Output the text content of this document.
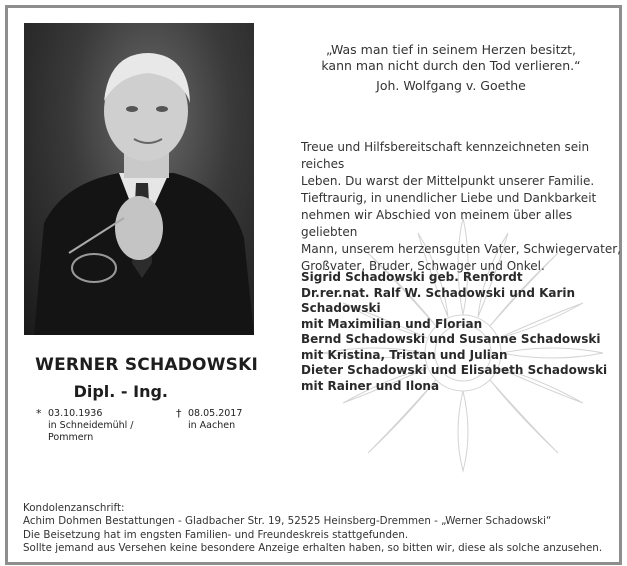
WERNER SCHADOWSKI
Dipl. - Ing.
* 03.10.1936
in Schneidemühl /
Pommern
† 08.05.2017
in Aachen
„Was man tief in seinem Herzen besitzt,
kann man nicht durch den Tod verlieren.“
Joh. Wolfgang v. Goethe
Treue und Hilfsbereitschaft kennzeichneten sein reiches
Leben. Du warst der Mittelpunkt unserer Familie.
Tieftraurig, in unendlicher Liebe und Dankbarkeit
nehmen wir Abschied von meinem über alles geliebten
Mann, unserem herzensguten Vater, Schwiegervater,
Großvater, Bruder, Schwager und Onkel.
Sigrid Schadowski geb. Renfordt
Dr.rer.nat. Ralf W. Schadowski und Karin Schadowski
mit Maximilian und Florian
Bernd Schadowski und Susanne Schadowski
mit Kristina, Tristan und Julian
Dieter Schadowski und Elisabeth Schadowski
mit Rainer und Ilona
Kondolenzanschrift:
Achim Dohmen Bestattungen - Gladbacher Str. 19, 52525 Heinsberg-Dremmen - „Werner Schadowski“
Die Beisetzung hat im engsten Familien- und Freundeskreis stattgefunden.
Sollte jemand aus Versehen keine besondere Anzeige erhalten haben, so bitten wir, diese als solche anzusehen.
